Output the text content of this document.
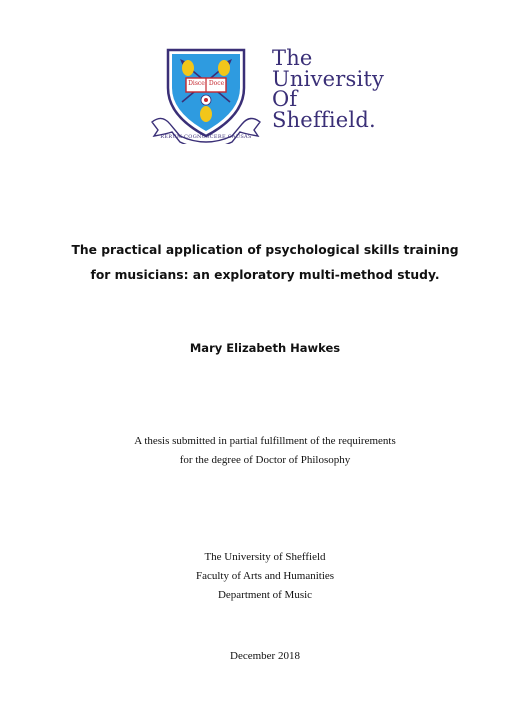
Disce Doce
RERUM COGNOSCERE CAUSAS
The
University
Of
Sheffield.
The practical application of psychological skills training
for musicians: an exploratory multi-method study.
Mary Elizabeth Hawkes
A thesis submitted in partial fulfillment of the requirements
for the degree of Doctor of Philosophy
The University of Sheffield
Faculty of Arts and Humanities
Department of Music
December 2018
